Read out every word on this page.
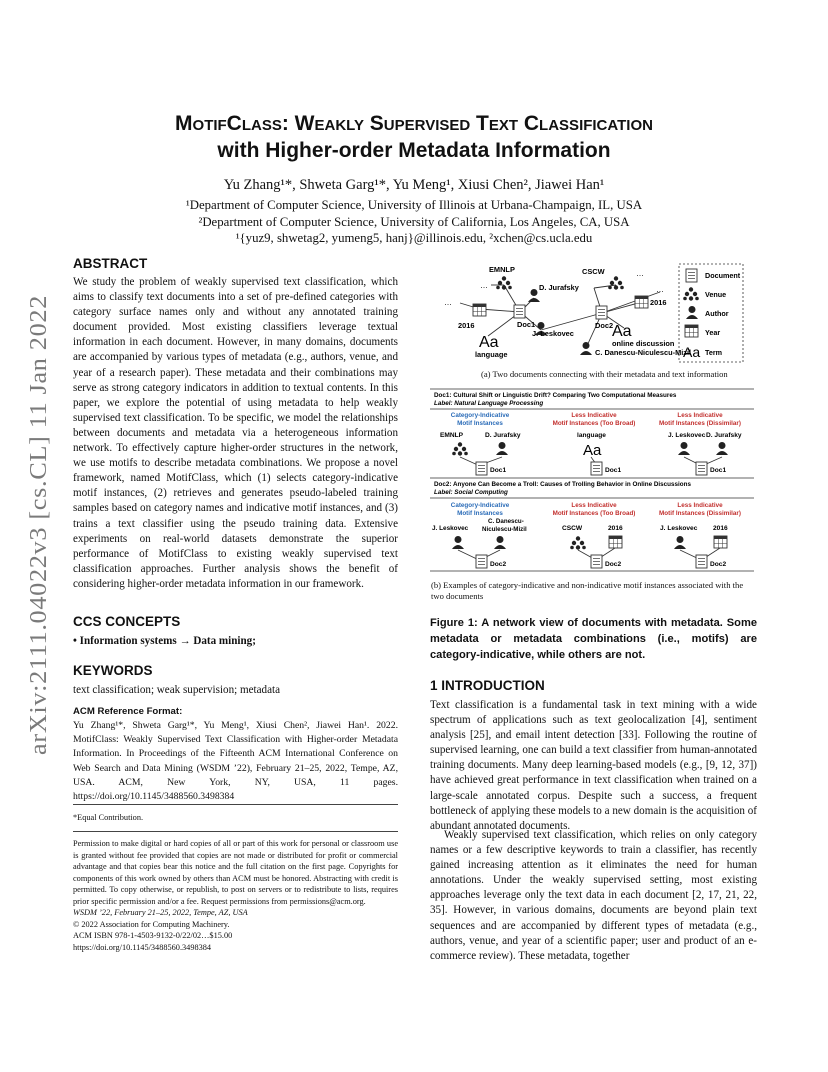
arXiv:2111.04022v3 [cs.CL] 11 Jan 2022
MotifClass: Weakly Supervised Text Classification
with Higher-order Metadata Information
Yu Zhang¹*, Shweta Garg¹*, Yu Meng¹, Xiusi Chen², Jiawei Han¹
¹Department of Computer Science, University of Illinois at Urbana-Champaign, IL, USA
²Department of Computer Science, University of California, Los Angeles, CA, USA
¹{yuz9, shwetag2, yumeng5, hanj}@illinois.edu, ²xchen@cs.ucla.edu
ABSTRACT
We study the problem of weakly supervised text classification, which aims to classify text documents into a set of pre-defined categories with category surface names only and without any annotated training document provided. Most existing classifiers leverage textual information in each document. However, in many domains, documents are accompanied by various types of metadata (e.g., authors, venue, and year of a research paper). These metadata and their combinations may serve as strong category indicators in addition to textual contents. In this paper, we explore the potential of using metadata to help weakly supervised text classification. To be specific, we model the relationships between documents and metadata via a heterogeneous information network. To effectively capture higher-order structures in the network, we use motifs to describe metadata combinations. We propose a novel framework, named MotifClass, which (1) selects category-indicative motif instances, (2) retrieves and generates pseudo-labeled training samples based on category names and indicative motif instances, and (3) trains a text classifier using the pseudo training data. Extensive experiments on real-world datasets demonstrate the superior performance of MotifClass to existing weakly supervised text classification approaches. Further analysis shows the benefit of considering higher-order metadata information in our framework.
CCS CONCEPTS
• Information systems → Data mining;
KEYWORDS
text classification; weak supervision; metadata
ACM Reference Format:
Yu Zhang¹*, Shweta Garg¹*, Yu Meng¹, Xiusi Chen², Jiawei Han¹. 2022. MotifClass: Weakly Supervised Text Classification with Higher-order Metadata Information. In Proceedings of the Fifteenth ACM International Conference on Web Search and Data Mining (WSDM ’22), February 21–25, 2022, Tempe, AZ, USA. ACM, New York, NY, USA, 11 pages. https://doi.org/10.1145/3488560.3498384
*Equal Contribution.
Permission to make digital or hard copies of all or part of this work for personal or classroom use is granted without fee provided that copies are not made or distributed for profit or commercial advantage and that copies bear this notice and the full citation on the first page. Copyrights for components of this work owned by others than ACM must be honored. Abstracting with credit is permitted. To copy otherwise, or republish, to post on servers or to redistribute to lists, requires prior specific permission and/or a fee. Request permissions from permissions@acm.org.
WSDM ’22, February 21–25, 2022, Tempe, AZ, USA
© 2022 Association for Computing Machinery.
ACM ISBN 978-1-4503-9132-0/22/02…$15.00
https://doi.org/10.1145/3488560.3498384
EMNLP
…	D. Jurafsky
…
2016	Doc1
Aa
language
J. Leskovec
CSCW	…
Doc2
2016
…
Aa
online discussion
C. Danescu-Niculescu-Mizil
Document
Venue
Author
Year
Aa Term
Doc1: Cultural Shift or Linguistic Drift? Comparing Two Computational Measures
Label: Natural Language Processing
Category-Indicative
Motif Instances
Less Indicative
Motif Instances (Too Broad)
Less Indicative
Motif Instances (Dissimilar)
EMNLP	D. Jurafsky
Doc1
language
Aa
Doc1
J. Leskovec D. Jurafsky
Doc1
Doc2: Anyone Can Become a Troll: Causes of Trolling Behavior in Online Discussions
Label: Social Computing
Category-Indicative
Motif Instances
Less Indicative
Motif Instances (Too Broad)
Less Indicative
Motif Instances (Dissimilar)
J. Leskovec
C. Danescu-
Niculescu-Mizil
Doc2
CSCW	2016
Doc2
J. Leskovec 2016
Doc2
(a) Two documents connecting with their metadata and text information
(b) Examples of category-indicative and non-indicative motif instances associated with the two documents
Figure 1: A network view of documents with metadata. Some metadata or metadata combinations (i.e., motifs) are category-indicative, while others are not.
1 INTRODUCTION
Text classification is a fundamental task in text mining with a wide spectrum of applications such as text geolocalization [4], sentiment analysis [25], and email intent detection [33]. Following the routine of supervised learning, one can build a text classifier from human-annotated training documents. Many deep learning-based models (e.g., [9, 12, 37]) have achieved great performance in text classification when trained on a large-scale annotated corpus. Despite such a success, a frequent bottleneck of applying these models to a new domain is the acquisition of abundant annotated documents.
Weakly supervised text classification, which relies on only category names or a few descriptive keywords to train a classifier, has recently gained increasing attention as it eliminates the need for human annotations. Under the weakly supervised setting, most existing approaches leverage only the text data in each document [2, 17, 21, 22, 35]. However, in various domains, documents are beyond plain text sequences and are accompanied by different types of metadata (e.g., authors, venue, and year of a scientific paper; user and product of an e-commerce review). These metadata, together
